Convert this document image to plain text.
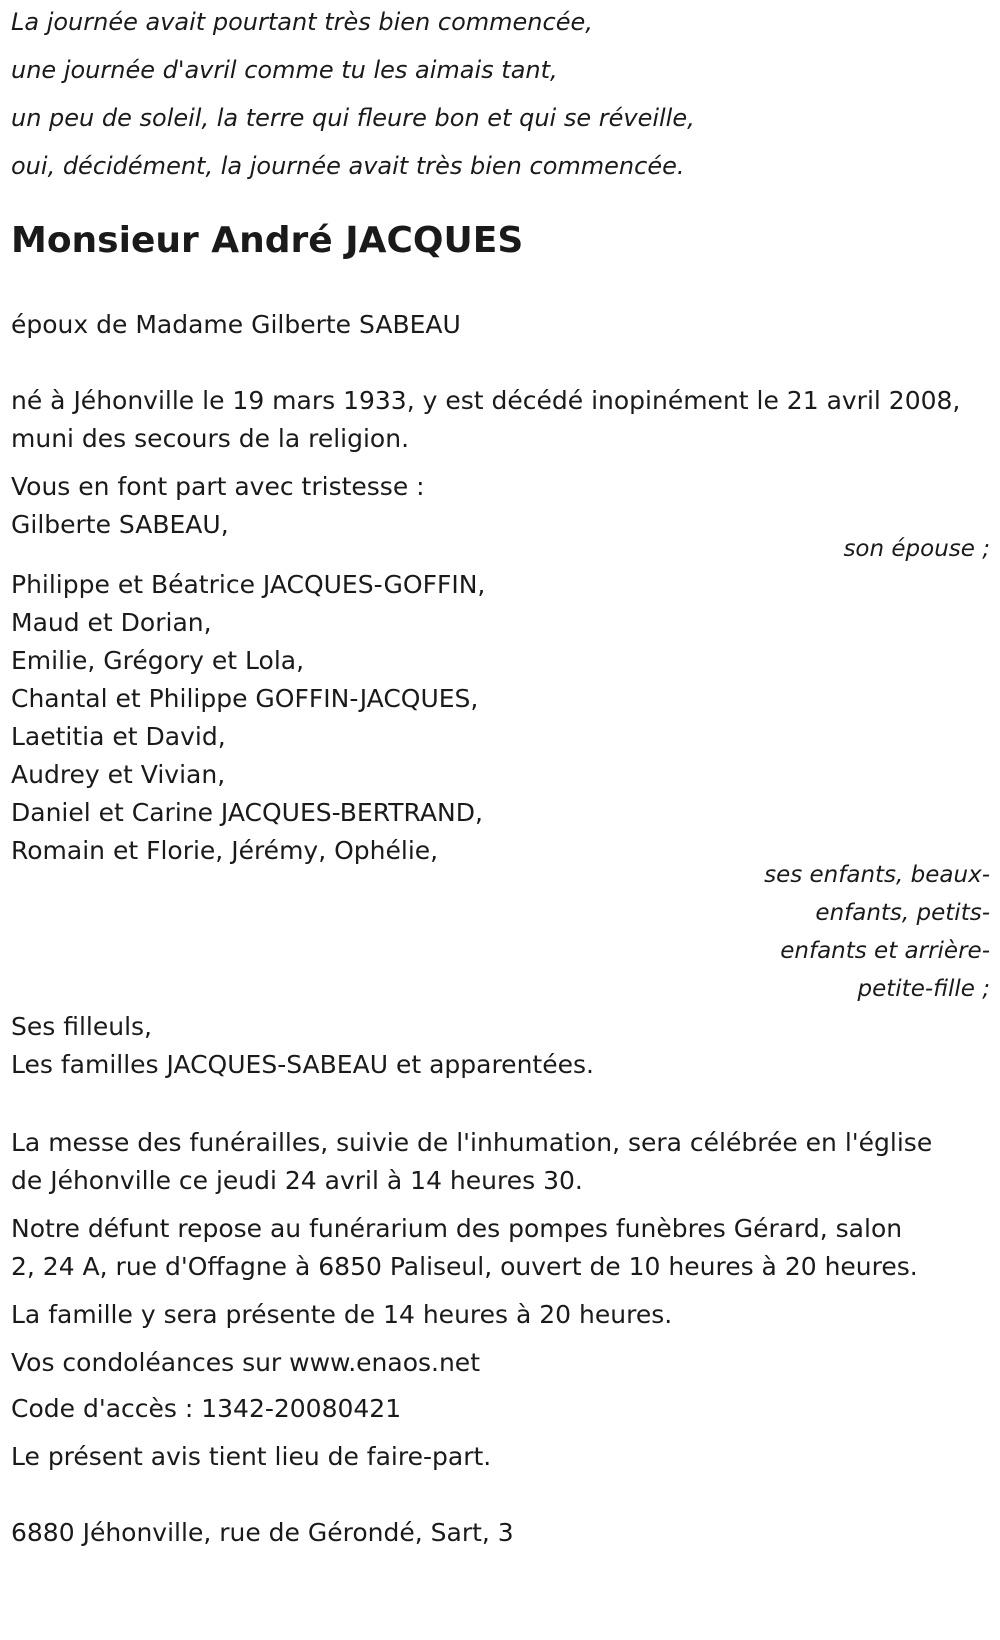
La journée avait pourtant très bien commencée,

une journée d'avril comme tu les aimais tant,

un peu de soleil, la terre qui fleure bon et qui se réveille,

oui, décidément, la journée avait très bien commencée.

Monsieur André JACQUES

époux de Madame Gilberte SABEAU

né à Jéhonville le 19 mars 1933, y est décédé inopinément le 21 avril 2008,

muni des secours de la religion.

Vous en font part avec tristesse :

Gilberte SABEAU,

son épouse ;

Philippe et Béatrice JACQUES-GOFFIN,

Maud et Dorian,

Emilie, Grégory et Lola,

Chantal et Philippe GOFFIN-JACQUES,

Laetitia et David,

Audrey et Vivian,

Daniel et Carine JACQUES-BERTRAND,

Romain et Florie, Jérémy, Ophélie,

ses enfants, beaux-

enfants, petits-

enfants et arrière-

petite-fille ;

Ses filleuls,

Les familles JACQUES-SABEAU et apparentées.

La messe des funérailles, suivie de l'inhumation, sera célébrée en l'église

de Jéhonville ce jeudi 24 avril à 14 heures 30.

Notre défunt repose au funérarium des pompes funèbres Gérard, salon

2, 24 A, rue d'Offagne à 6850 Paliseul, ouvert de 10 heures à 20 heures.

La famille y sera présente de 14 heures à 20 heures.

Vos condoléances sur www.enaos.net

Code d'accès : 1342-20080421

Le présent avis tient lieu de faire-part.

6880 Jéhonville, rue de Gérondé, Sart, 3
